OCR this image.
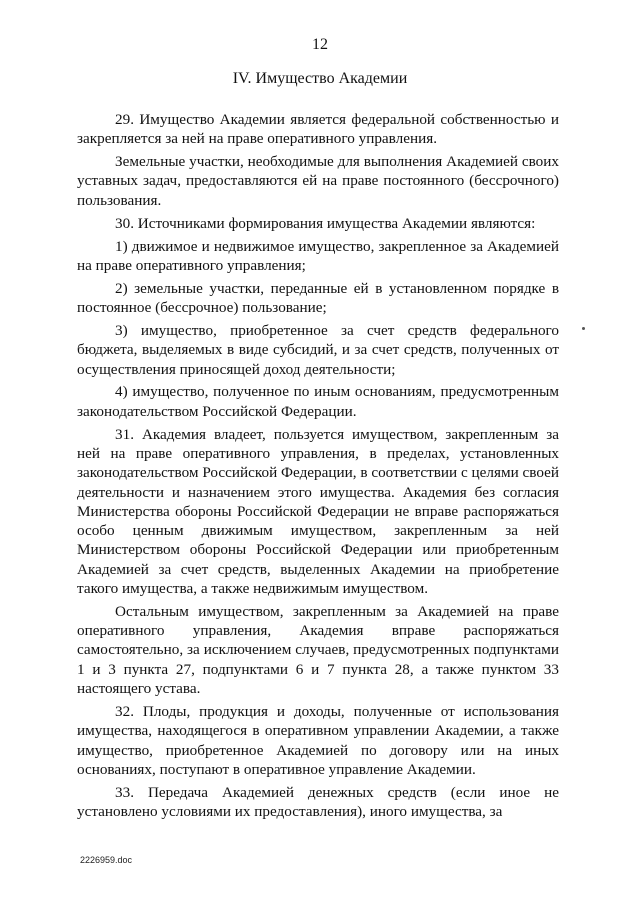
12
IV. Имущество Академии

29. Имущество Академии является федеральной собственностью и закрепляется за ней на праве оперативного управления.

Земельные участки, необходимые для выполнения Академией своих уставных задач, предоставляются ей на праве постоянного (бессрочного) пользования.

30. Источниками формирования имущества Академии являются:

1) движимое и недвижимое имущество, закрепленное за Академией на праве оперативного управления;

2) земельные участки, переданные ей в установленном порядке в постоянное (бессрочное) пользование;

3) имущество, приобретенное за счет средств федерального бюджета, выделяемых в виде субсидий, и за счет средств, полученных от осуществления приносящей доход деятельности;

4) имущество, полученное по иным основаниям, предусмотренным законодательством Российской Федерации.

31. Академия владеет, пользуется имуществом, закрепленным за ней на праве оперативного управления, в пределах, установленных законодательством Российской Федерации, в соответствии с целями своей деятельности и назначением этого имущества. Академия без согласия Министерства обороны Российской Федерации не вправе распоряжаться особо ценным движимым имуществом, закрепленным за ней Министерством обороны Российской Федерации или приобретенным Академией за счет средств, выделенных Академии на приобретение такого имущества, а также недвижимым имуществом.

Остальным имуществом, закрепленным за Академией на праве оперативного управления, Академия вправе распоряжаться самостоятельно, за исключением случаев, предусмотренных подпунктами 1 и 3 пункта 27, подпунктами 6 и 7 пункта 28, а также пунктом 33 настоящего устава.

32. Плоды, продукция и доходы, полученные от использования имущества, находящегося в оперативном управлении Академии, а также имущество, приобретенное Академией по договору или на иных основаниях, поступают в оперативное управление Академии.

33. Передача Академией денежных средств (если иное не установлено условиями их предоставления), иного имущества, за

2226959.doc
